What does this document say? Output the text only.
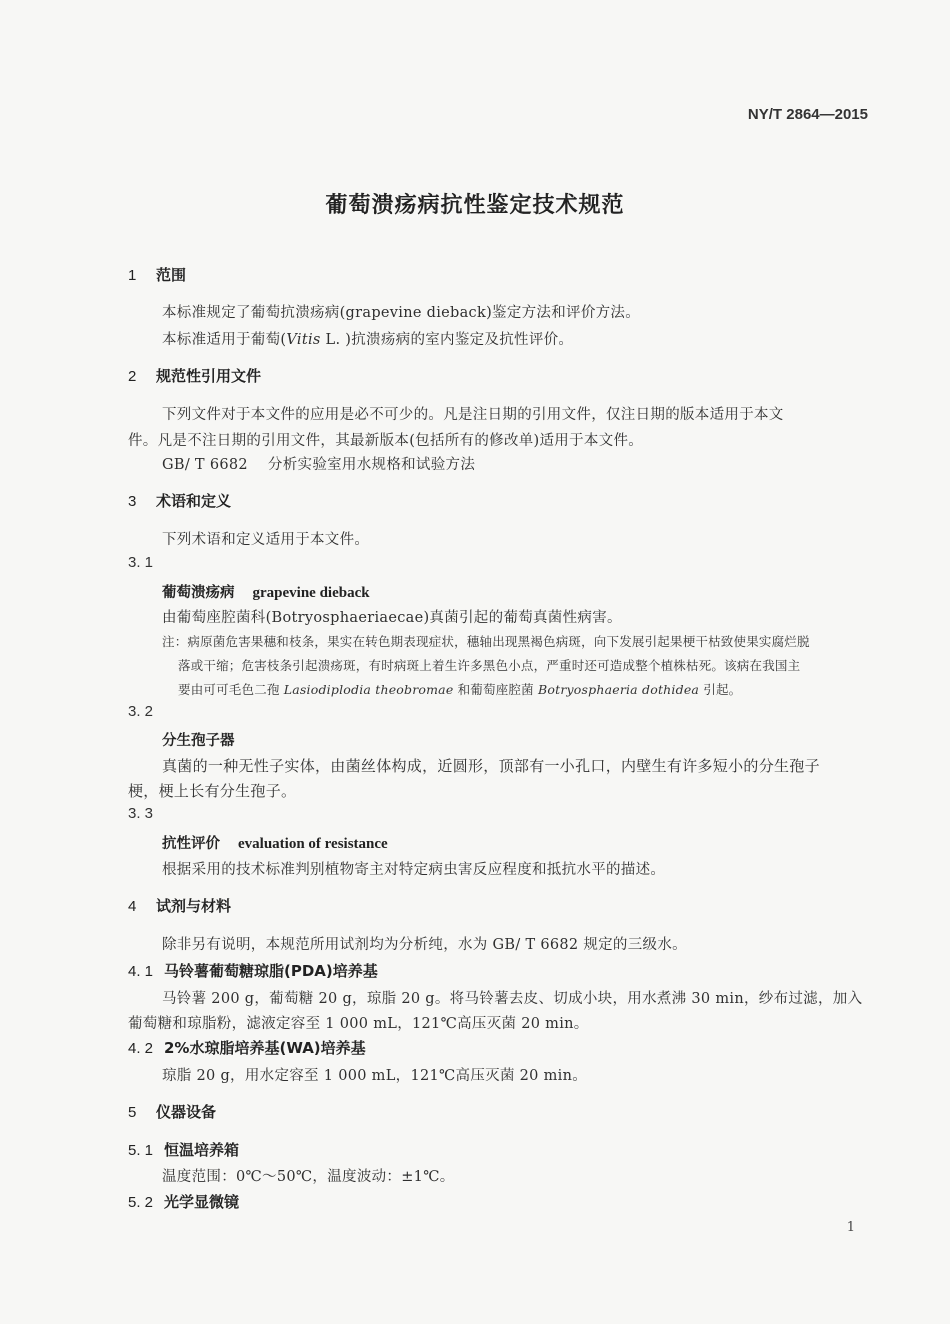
NY/T 2864—2015
葡萄溃疡病抗性鉴定技术规范
1 范围
本标准规定了葡萄抗溃疡病(grapevine dieback)鉴定方法和评价方法。
本标准适用于葡萄(Vitis L. )抗溃疡病的室内鉴定及抗性评价。
2 规范性引用文件
下列文件对于本文件的应用是必不可少的。凡是注日期的引用文件，仅注日期的版本适用于本文
件。凡是不注日期的引用文件，其最新版本(包括所有的修改单)适用于本文件。
GB/ T 6682 分析实验室用水规格和试验方法
3 术语和定义
下列术语和定义适用于本文件。
3. 1
葡萄溃疡病 grapevine dieback
由葡萄座腔菌科(Botryosphaeriaecae)真菌引起的葡萄真菌性病害。
注：病原菌危害果穗和枝条，果实在转色期表现症状，穗轴出现黑褐色病斑，向下发展引起果梗干枯致使果实腐烂脱
落或干缩；危害枝条引起溃疡斑，有时病斑上着生许多黑色小点，严重时还可造成整个植株枯死。该病在我国主
要由可可毛色二孢 Lasiodiplodia theobromae 和葡萄座腔菌 Botryosphaeria dothidea 引起。
3. 2
分生孢子器
真菌的一种无性子实体，由菌丝体构成，近圆形，顶部有一小孔口，内壁生有许多短小的分生孢子
梗，梗上长有分生孢子。
3. 3
抗性评价 evaluation of resistance
根据采用的技术标准判别植物寄主对特定病虫害反应程度和抵抗水平的描述。
4 试剂与材料
除非另有说明，本规范所用试剂均为分析纯，水为 GB/ T 6682 规定的三级水。
4. 1 马铃薯葡萄糖琼脂(PDA)培养基
马铃薯 200 g，葡萄糖 20 g，琼脂 20 g。将马铃薯去皮、切成小块，用水煮沸 30 min，纱布过滤，加入
葡萄糖和琼脂粉，滤液定容至 1 000 mL，121℃高压灭菌 20 min。
4. 2 2%水琼脂培养基(WA)培养基
琼脂 20 g，用水定容至 1 000 mL，121℃高压灭菌 20 min。
5 仪器设备
5. 1 恒温培养箱
温度范围：0℃～50℃，温度波动：±1℃。
5. 2 光学显微镜
1
